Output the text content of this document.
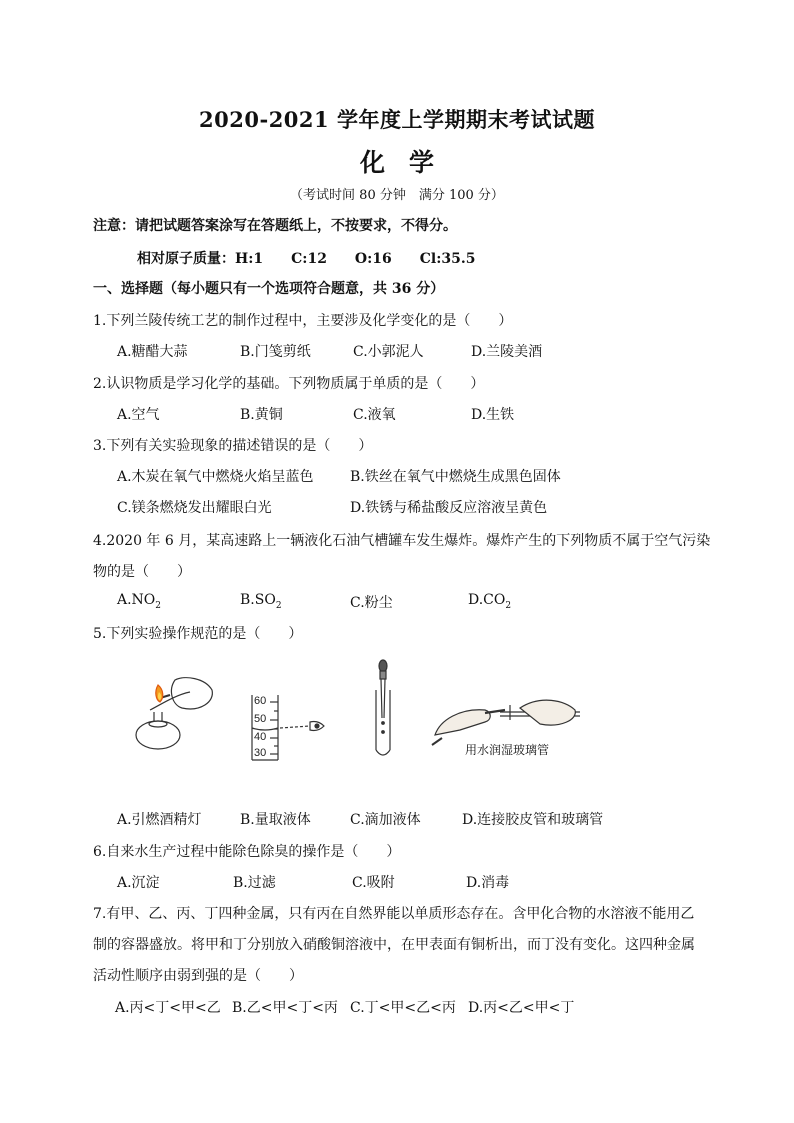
2020-2021 学年度上学期期末考试试题
化学
（考试时间 80 分钟　满分 100 分）
注意：请把试题答案涂写在答题纸上，不按要求，不得分。
相对原子质量：H:1　　C:12　　O:16　　Cl:35.5
一、选择题（每小题只有一个选项符合题意，共 36 分）
1.下列兰陵传统工艺的制作过程中，主要涉及化学变化的是（　　）
A.糖醋大蒜	B.门笺剪纸	C.小郭泥人	D.兰陵美酒
2.认识物质是学习化学的基础。下列物质属于单质的是（　　）
A.空气	B.黄铜	C.液氧	D.生铁
3.下列有关实验现象的描述错误的是（　　）
A.木炭在氧气中燃烧火焰呈蓝色	B.铁丝在氧气中燃烧生成黑色固体
C.镁条燃烧发出耀眼白光	D.铁锈与稀盐酸反应溶液呈黄色
4.2020 年 6 月，某高速路上一辆液化石油气槽罐车发生爆炸。爆炸产生的下列物质不属于空气污染
物的是（　　）
$A.NO_2$	$B.SO_2$	C.粉尘	$D.CO_2$
5.下列实验操作规范的是（　　）
60
50
40
30	用水润湿玻璃管
A.引燃酒精灯	B.量取液体	C.滴加液体	D.连接胶皮管和玻璃管
6.自来水生产过程中能除色除臭的操作是（　　）
A.沉淀	B.过滤	C.吸附	D.消毒
7.有甲、乙、丙、丁四种金属，只有丙在自然界能以单质形态存在。含甲化合物的水溶液不能用乙
制的容器盛放。将甲和丁分别放入硝酸铜溶液中，在甲表面有铜析出，而丁没有变化。这四种金属
活动性顺序由弱到强的是（　　）
A.丙<丁<甲<乙 B.乙<甲<丁<丙 C.丁<甲<乙<丙 D.丙<乙<甲<丁
